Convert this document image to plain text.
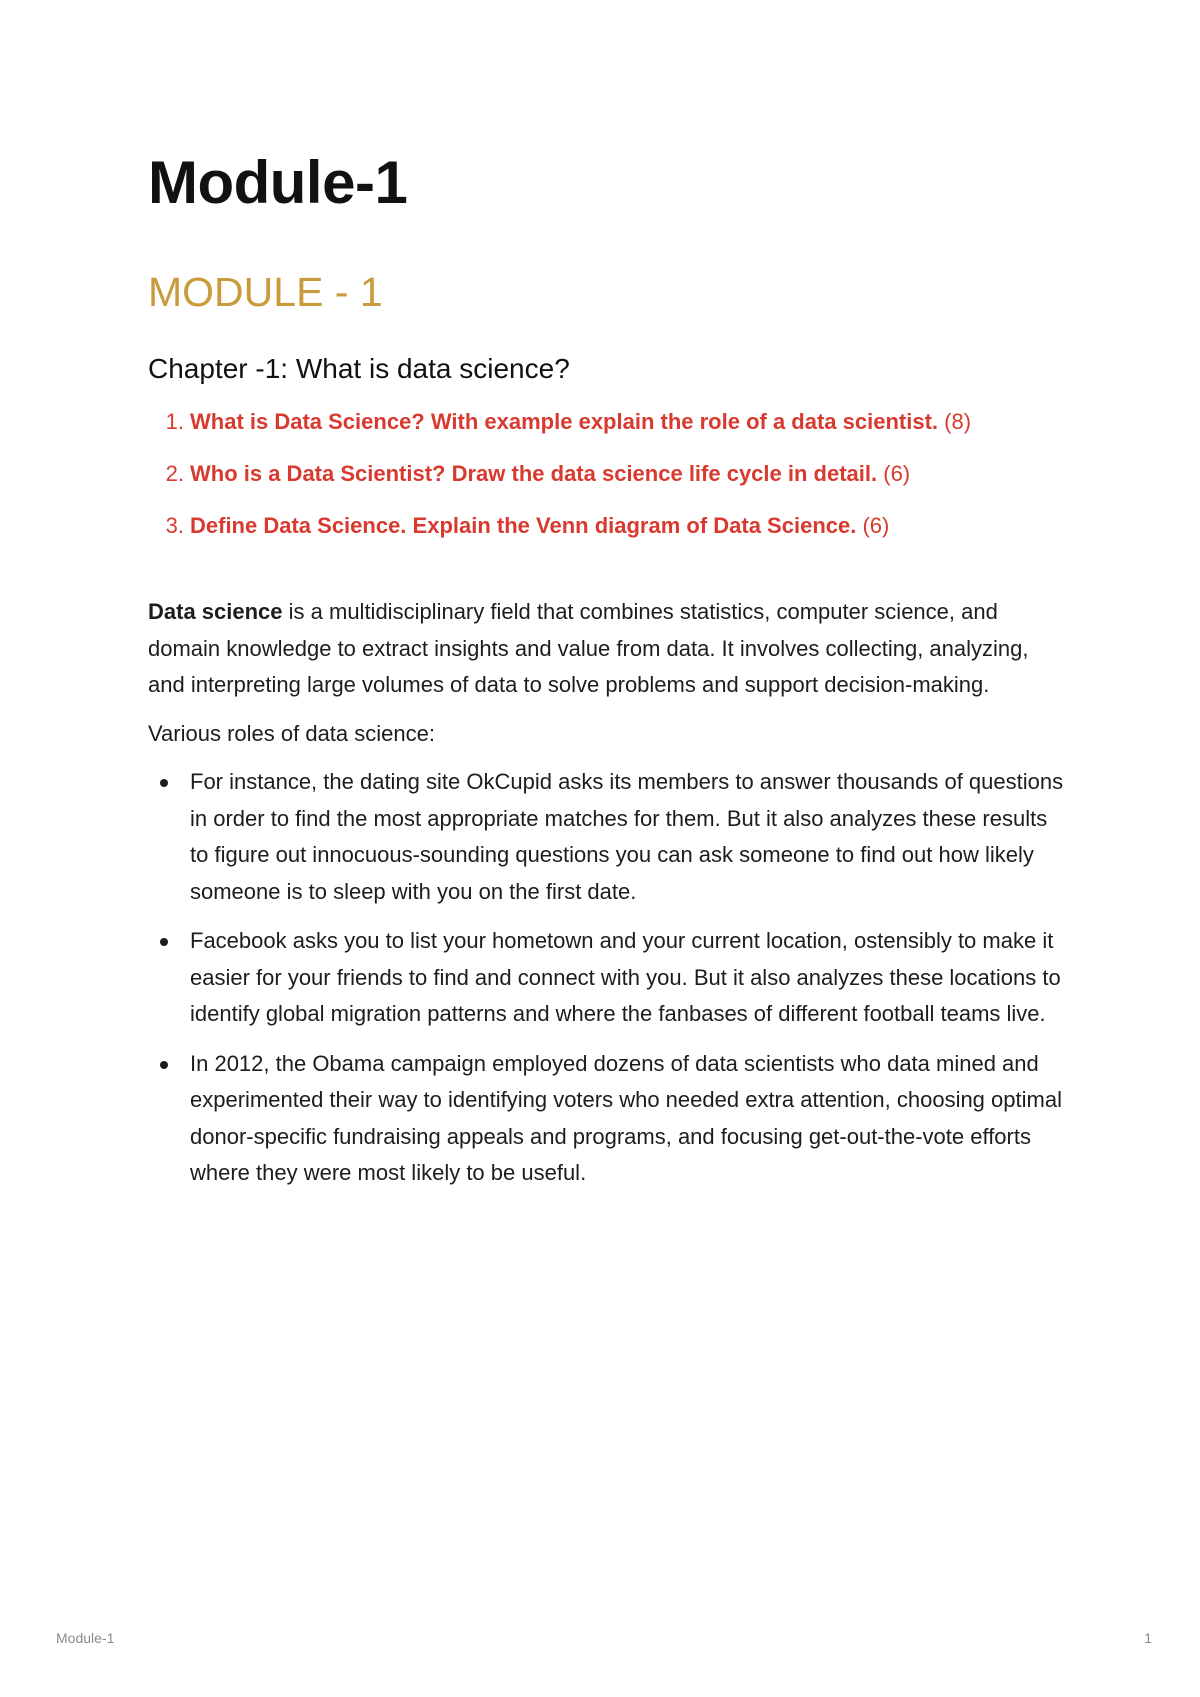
Module-1
MODULE - 1
Chapter -1: What is data science?
1. What is Data Science? With example explain the role of a data scientist. (8)
2. Who is a Data Scientist? Draw the data science life cycle in detail. (6)
3. Define Data Science. Explain the Venn diagram of Data Science. (6)

Data science is a multidisciplinary field that combines statistics, computer science, and domain knowledge to extract insights and value from data. It involves collecting, analyzing, and interpreting large volumes of data to solve problems and support decision-making.

Various roles of data science:

For instance, the dating site OkCupid asks its members to answer thousands of questions in order to find the most appropriate matches for them. But it also analyzes these results to figure out innocuous-sounding questions you can ask someone to find out how likely someone is to sleep with you on the first date.
Facebook asks you to list your hometown and your current location, ostensibly to make it easier for your friends to find and connect with you. But it also analyzes these locations to identify global migration patterns and where the fanbases of different football teams live.
In 2012, the Obama campaign employed dozens of data scientists who data mined and experimented their way to identifying voters who needed extra attention, choosing optimal donor-specific fundraising appeals and programs, and focusing get-out-the-vote efforts where they were most likely to be useful.
Module-1	1
